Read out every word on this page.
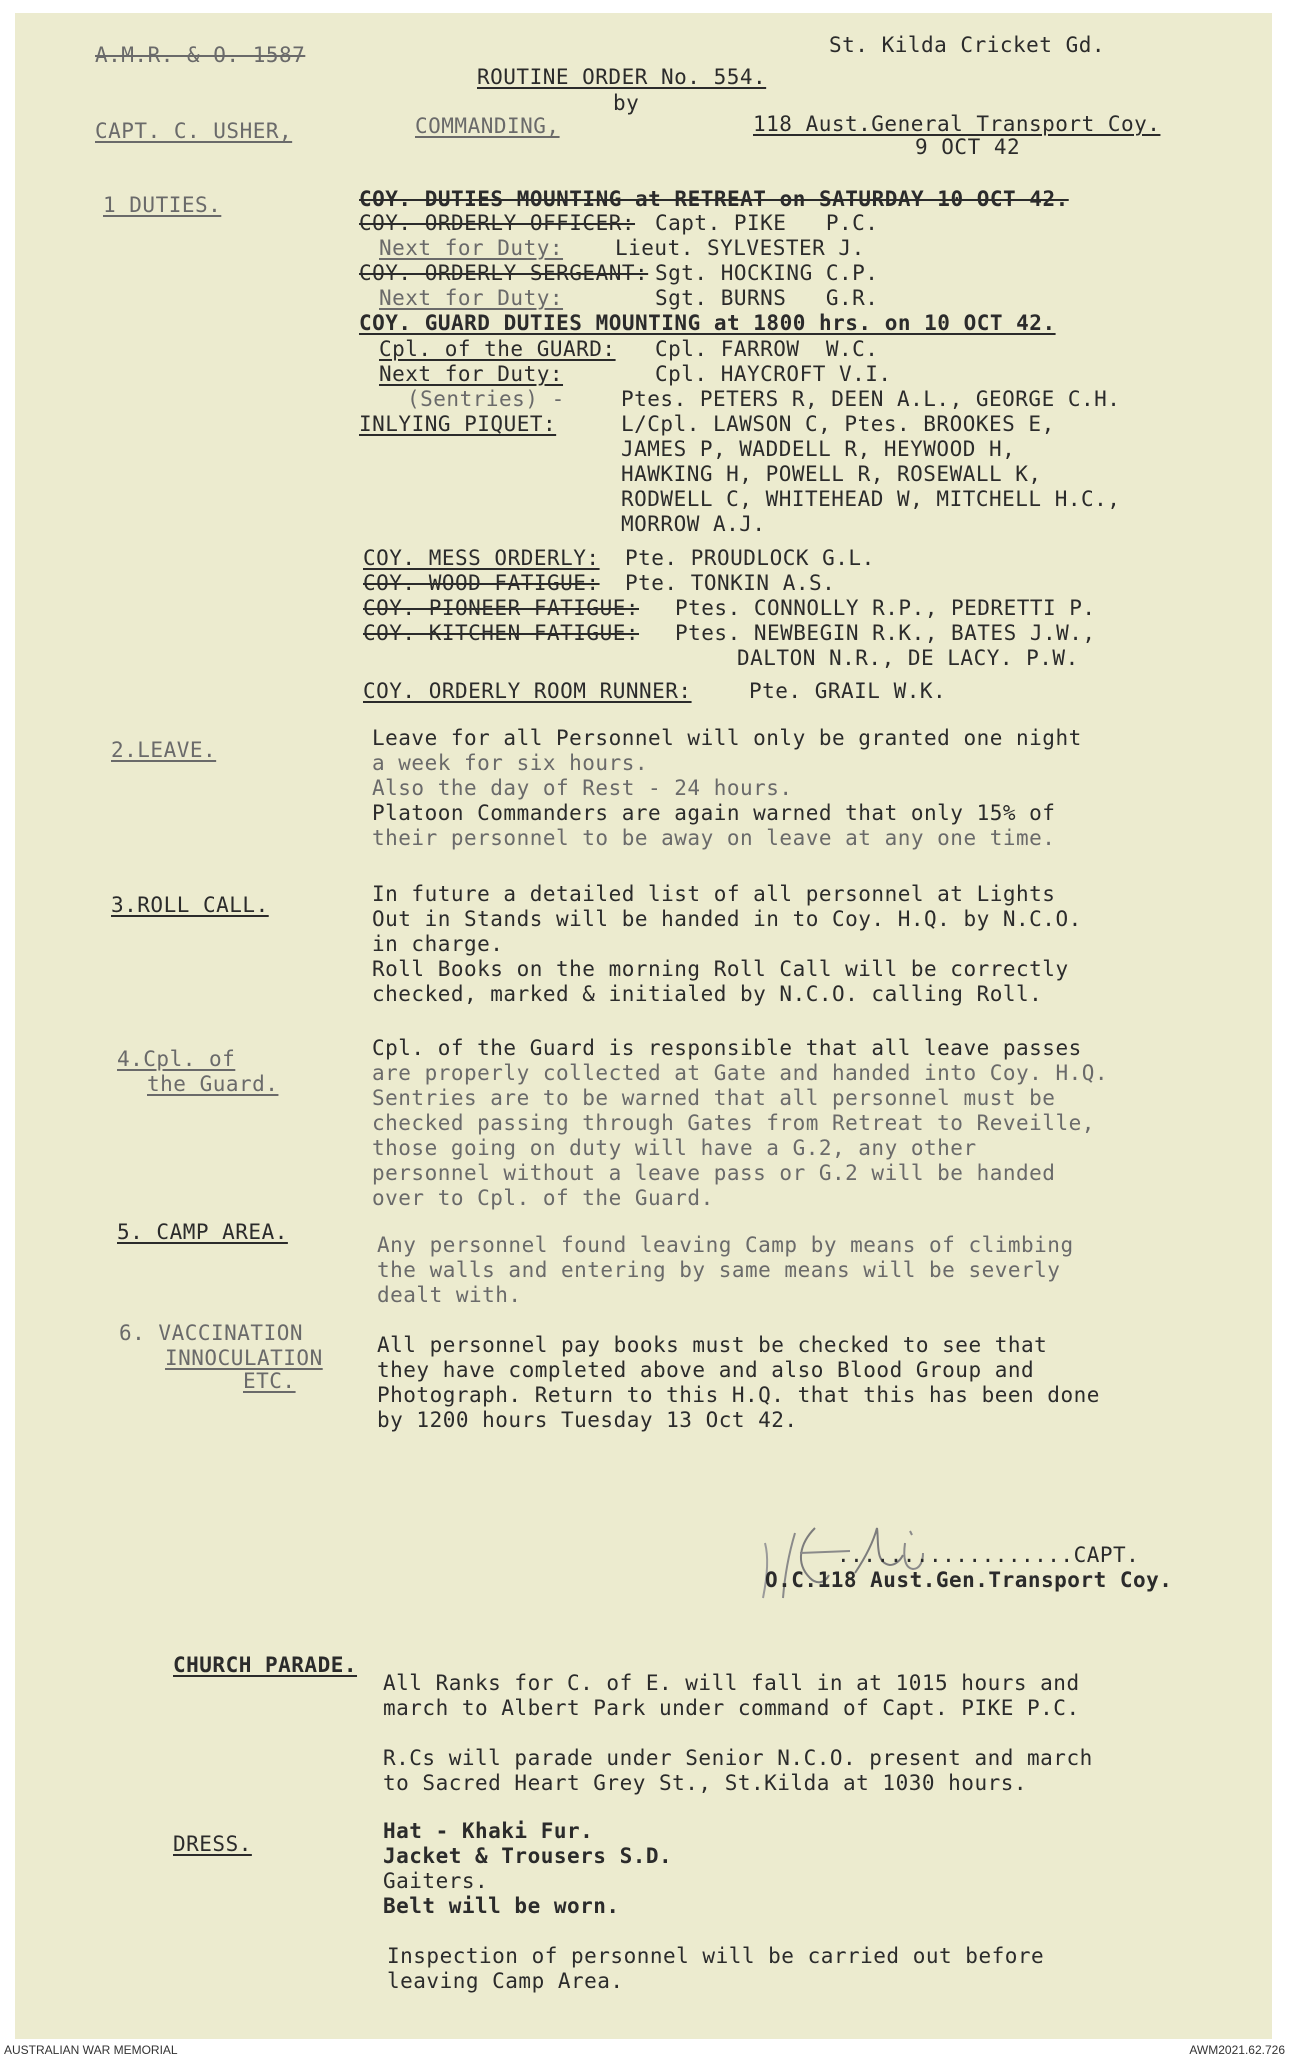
A.M.R. & O. 1587	St. Kilda Cricket Gd.
ROUTINE ORDER No. 554.
by
CAPT. C. USHER,	COMMANDING,	118 Aust.General Transport Coy.
9 OCT 42
1 DUTIES.	COY. DUTIES MOUNTING at RETREAT on SATURDAY 10 OCT 42.
COY. ORDERLY OFFICER: Capt. PIKE   P.C.
Next for Duty: Lieut. SYLVESTER J.
COY. ORDERLY SERGEANT: Sgt. HOCKING C.P.
Next for Duty:	Sgt. BURNS   G.R.
COY. GUARD DUTIES MOUNTING at 1800 hrs. on 10 OCT 42.
Cpl. of the GUARD: Cpl. FARROW  W.C.
Next for Duty:	Cpl. HAYCROFT V.I.
(Sentries) -	Ptes. PETERS R, DEEN A.L., GEORGE C.H.
INLYING PIQUET:	L/Cpl. LAWSON C, Ptes. BROOKES E,
JAMES P, WADDELL R, HEYWOOD H,
HAWKING H, POWELL R, ROSEWALL K,
RODWELL C, WHITEHEAD W, MITCHELL H.C.,
MORROW A.J.
COY. MESS ORDERLY: Pte. PROUDLOCK G.L.
COY. WOOD FATIGUE: Pte. TONKIN A.S.
COY. PIONEER FATIGUE: Ptes. CONNOLLY R.P., PEDRETTI P.
COY. KITCHEN FATIGUE: Ptes. NEWBEGIN R.K., BATES J.W.,
DALTON N.R., DE LACY. P.W.
COY. ORDERLY ROOM RUNNER:	Pte. GRAIL W.K.
2.LEAVE.	Leave for all Personnel will only be granted one night
a week for six hours.
Also the day of Rest - 24 hours.
Platoon Commanders are again warned that only 15% of
their personnel to be away on leave at any one time.
3.ROLL CALL.	In future a detailed list of all personnel at Lights
Out in Stands will be handed in to Coy. H.Q. by N.C.O.
in charge.
Roll Books on the morning Roll Call will be correctly
checked, marked & initialed by N.C.O. calling Roll.
4.Cpl. of
the Guard.
Cpl. of the Guard is responsible that all leave passes
are properly collected at Gate and handed into Coy. H.Q.
Sentries are to be warned that all personnel must be
checked passing through Gates from Retreat to Reveille,
those going on duty will have a G.2, any other
personnel without a leave pass or G.2 will be handed
over to Cpl. of the Guard.
5. CAMP AREA.
Any personnel found leaving Camp by means of climbing
the walls and entering by same means will be severly
dealt with.
6. VACCINATION
INNOCULATION
ETC.
All personnel pay books must be checked to see that
they have completed above and also Blood Group and
Photograph. Return to this H.Q. that this has been done
by 1200 hours Tuesday 13 Oct 42.
..................CAPT.
O.C.118 Aust.Gen.Transport Coy.
CHURCH PARADE.
All Ranks for C. of E. will fall in at 1015 hours and
march to Albert Park under command of Capt. PIKE P.C.
R.Cs will parade under Senior N.C.O. present and march
to Sacred Heart Grey St., St.Kilda at 1030 hours.
DRESS.
Hat - Khaki Fur.
Jacket & Trousers S.D.
Gaiters.
Belt will be worn.
Inspection of personnel will be carried out before
leaving Camp Area.
AUSTRALIAN WAR MEMORIAL	AWM2021.62.726
